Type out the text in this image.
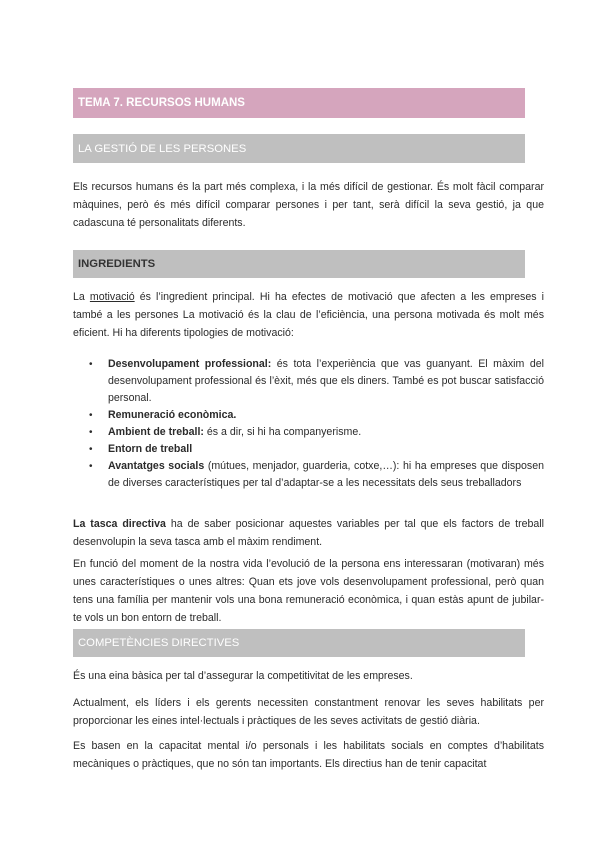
TEMA 7. RECURSOS HUMANS
LA GESTIÓ DE LES PERSONES

Els recursos humans és la part més complexa, i la més difícil de gestionar. És molt fàcil comparar màquines, però és més difícil comparar persones i per tant, serà difícil la seva gestió, ja que cadascuna té personalitats diferents.

INGREDIENTS

La motivació és l’ingredient principal. Hi ha efectes de motivació que afecten a les empreses i també a les persones La motivació és la clau de l’eficiència, una persona motivada és molt més eficient. Hi ha diferents tipologies de motivació:

• Desenvolupament professional: és tota l’experiència que vas guanyant. El màxim del desenvolupament professional és l’èxit, més que els diners. També es pot buscar satisfacció personal.
• Remuneració econòmica.
• Ambient de treball: és a dir, si hi ha companyerisme.
• Entorn de treball
• Avantatges socials (mútues, menjador, guarderia, cotxe,…): hi ha empreses que disposen de diverses característiques per tal d’adaptar-se a les necessitats dels seus treballadors

La tasca directiva ha de saber posicionar aquestes variables per tal que els factors de treball desenvolupin la seva tasca amb el màxim rendiment.

En funció del moment de la nostra vida l’evolució de la persona ens interessaran (motivaran) més unes característiques o unes altres: Quan ets jove vols desenvolupament professional, però quan tens una família per mantenir vols una bona remuneració econòmica, i quan estàs apunt de jubilar-te vols un bon entorn de treball.

COMPETÈNCIES DIRECTIVES

És una eina bàsica per tal d’assegurar la competitivitat de les empreses.

Actualment, els líders i els gerents necessiten constantment renovar les seves habilitats per proporcionar les eines intel·lectuals i pràctiques de les seves activitats de gestió diària.

Es basen en la capacitat mental i/o personals i les habilitats socials en comptes d’habilitats mecàniques o pràctiques, que no són tan importants. Els directius han de tenir capacitat
